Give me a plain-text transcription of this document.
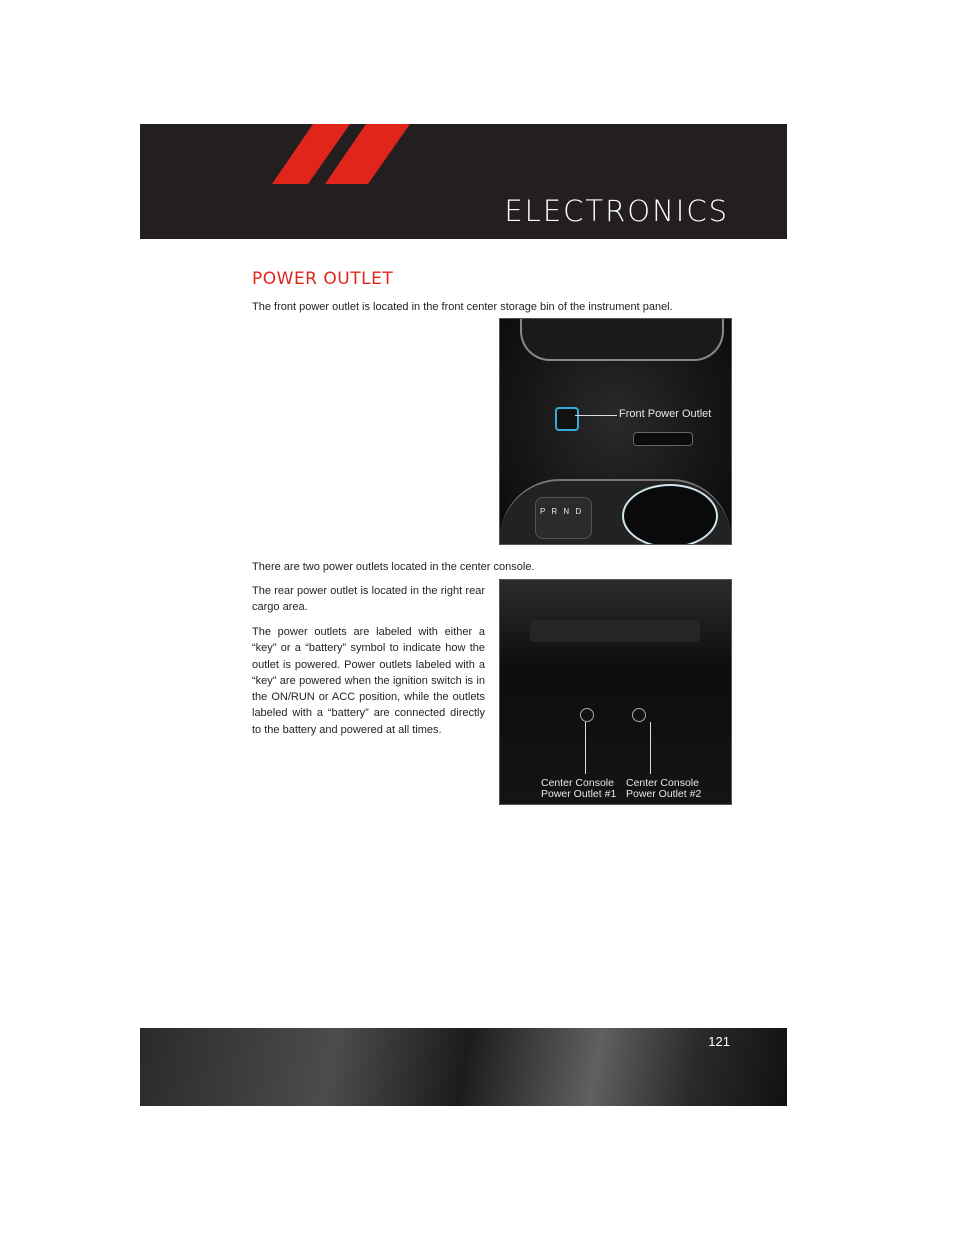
ELECTRONICS
POWER OUTLET
The front power outlet is located in the front center storage bin of the instrument panel.
Front Power Outlet
P R N D
There are two power outlets located in the center console.
The rear power outlet is located in the right rear cargo area.
The power outlets are labeled with either a “key” or a “battery” symbol to indicate how the outlet is powered. Power outlets labeled with a “key” are powered when the ignition switch is in the ON/RUN or ACC position, while the outlets labeled with a “battery” are connected directly to the battery and powered at all times.
Center Console
Power Outlet #1
Center Console
Power Outlet #2
121
